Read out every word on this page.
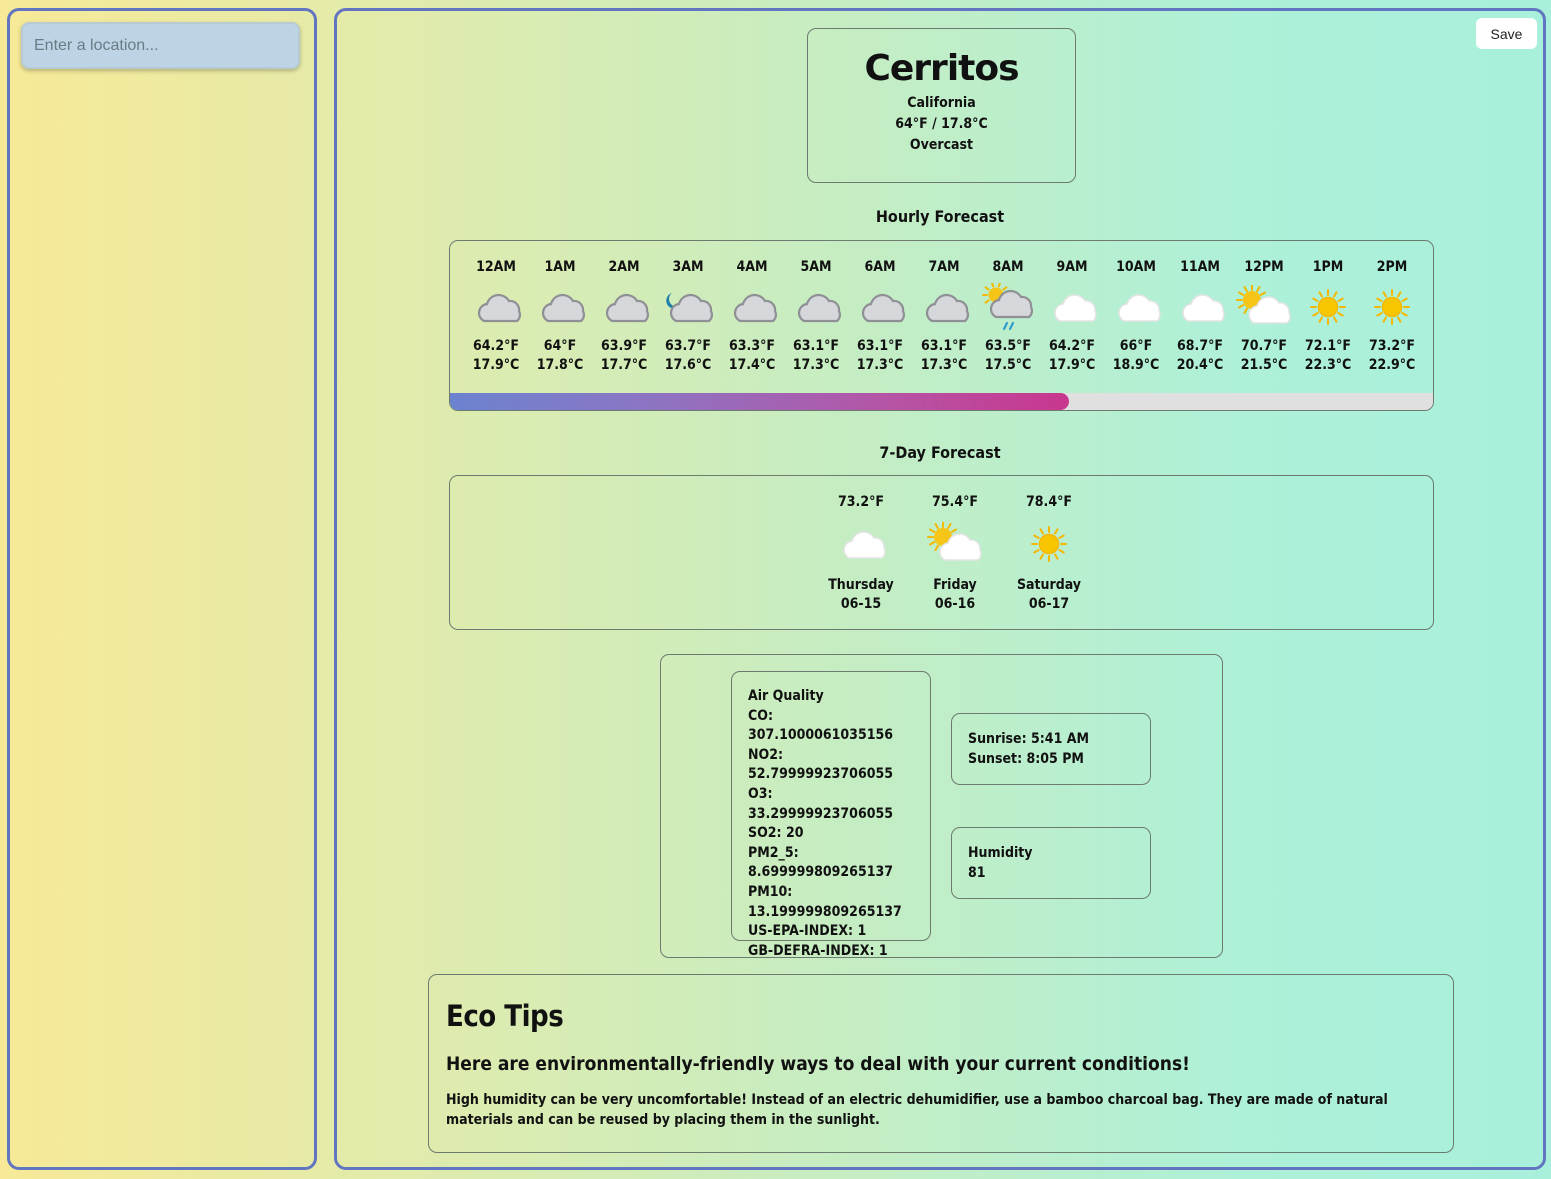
Enter a location...
Save
Cerritos
California
64°F / 17.8°C
Overcast
Hourly Forecast
12AM
64.2°F
17.9°C
1AM
64°F
17.8°C
2AM
63.9°F
17.7°C
3AM
63.7°F
17.6°C
4AM
63.3°F
17.4°C
5AM
63.1°F
17.3°C
6AM
63.1°F
17.3°C
7AM
63.1°F
17.3°C
8AM
63.5°F
17.5°C
9AM
64.2°F
17.9°C
10AM
66°F
18.9°C
11AM
68.7°F
20.4°C
12PM
70.7°F
21.5°C
1PM
72.1°F
22.3°C
2PM
73.2°F
22.9°C
7-Day Forecast
73.2°F
Thursday
06-15
75.4°F
Friday
06-16
78.4°F
Saturday
06-17
Air Quality
CO: 307.1000061035156
NO2:
52.79999923706055
O3: 33.29999923706055
SO2: 20
PM2_5:
8.699999809265137
PM10:
13.199999809265137
US-EPA-INDEX: 1
GB-DEFRA-INDEX: 1
Sunrise: 5:41 AM
Sunset: 8:05 PM
Humidity
81
Eco Tips
Here are environmentally-friendly ways to deal with your current conditions!
High humidity can be very uncomfortable! Instead of an electric dehumidifier, use a bamboo charcoal bag. They are made of natural materials and can be reused by placing them in the sunlight.
